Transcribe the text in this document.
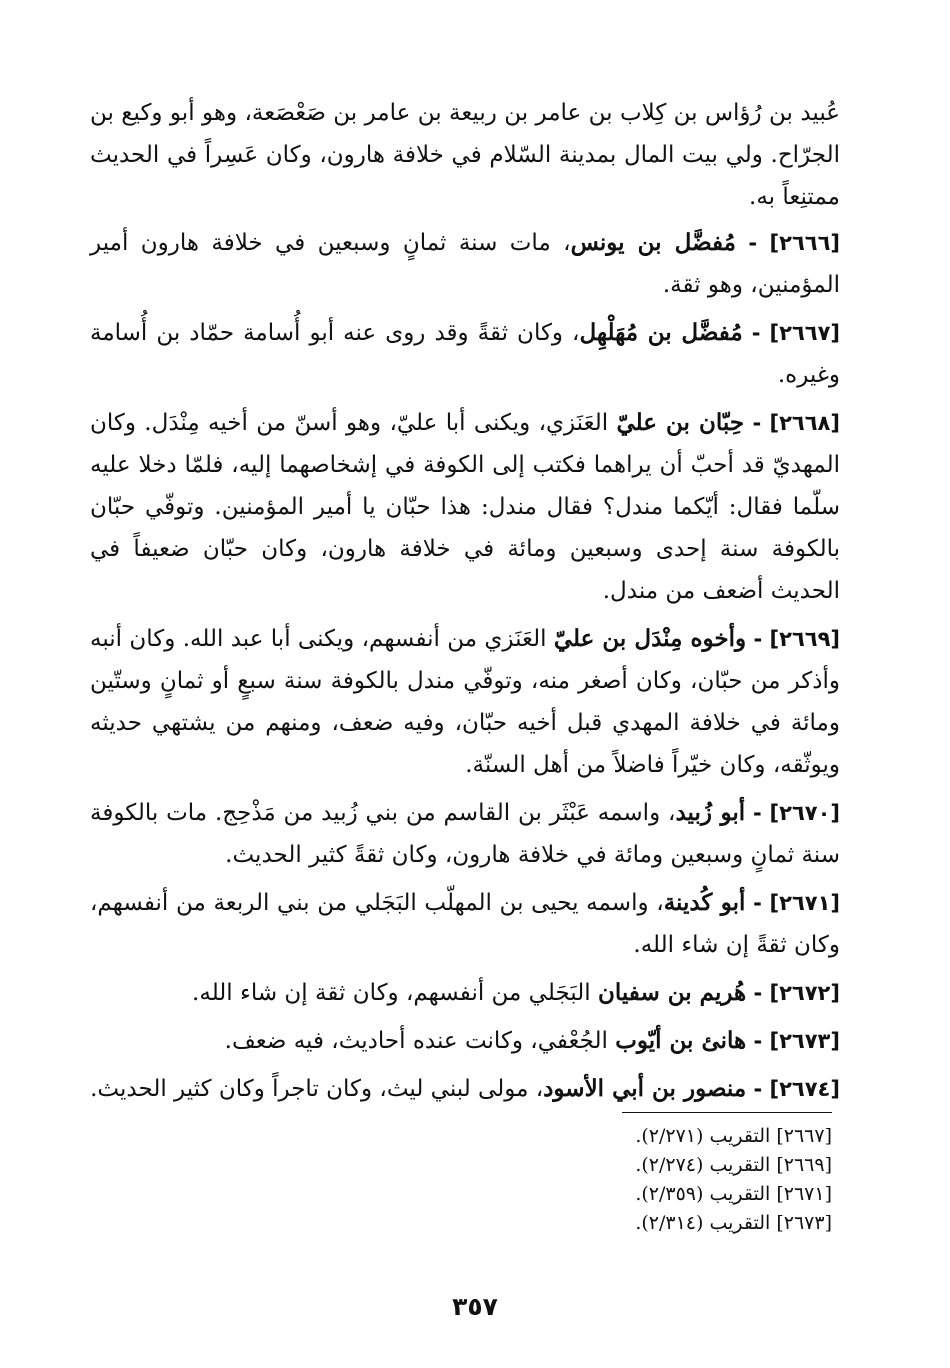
عُبيد بن رُؤاس بن كِلاب بن عامر بن ربيعة بن عامر بن صَعْصَعة، وهو أبو وكيع بن الجرّاح. ولي بيت المال بمدينة السّلام في خلافة هارون، وكان عَسِراً في الحديث ممتنِعاً به.

[٢٦٦٦] - مُفضَّل بن يونس، مات سنة ثمانٍ وسبعين في خلافة هارون أمير المؤمنين، وهو ثقة.

[٢٦٦٧] - مُفضَّل بن مُهَلْهِل، وكان ثقةً وقد روى عنه أبو أُسامة حمّاد بن أُسامة وغيره.

[٢٦٦٨] - حِبّان بن عليّ العَنَزي، ويكنى أبا عليّ، وهو أسنّ من أخيه مِنْدَل. وكان المهديّ قد أحبّ أن يراهما فكتب إلى الكوفة في إشخاصهما إليه، فلمّا دخلا عليه سلّما فقال: أيّكما مندل؟ فقال مندل: هذا حبّان يا أمير المؤمنين. وتوفّي حبّان بالكوفة سنة إحدى وسبعين ومائة في خلافة هارون، وكان حبّان ضعيفاً في الحديث أضعف من مندل.

[٢٦٦٩] - وأخوه مِنْدَل بن عليّ العَنَزي من أنفسهم، ويكنى أبا عبد الله. وكان أنبه وأذكر من حبّان، وكان أصغر منه، وتوفّي مندل بالكوفة سنة سبعٍ أو ثمانٍ وستّين ومائة في خلافة المهدي قبل أخيه حبّان، وفيه ضعف، ومنهم من يشتهي حديثه ويوثّقه، وكان خيّراً فاضلاً من أهل السنّة.

[٢٦٧٠] - أبو زُبيد، واسمه عَبْثَر بن القاسم من بني زُبيد من مَذْحِج. مات بالكوفة سنة ثمانٍ وسبعين ومائة في خلافة هارون، وكان ثقةً كثير الحديث.

[٢٦٧١] - أبو كُدينة، واسمه يحيى بن المهلّب البَجَلي من بني الربعة من أنفسهم، وكان ثقةً إن شاء الله.

[٢٦٧٢] - هُريم بن سفيان البَجَلي من أنفسهم، وكان ثقة إن شاء الله.

[٢٦٧٣] - هانئ بن أيّوب الجُعْفي، وكانت عنده أحاديث، فيه ضعف.

[٢٦٧٤] - منصور بن أبي الأسود، مولى لبني ليث، وكان تاجراً وكان كثير الحديث.

[٢٦٦٧] التقريب (٢/٢٧١).

[٢٦٦٩] التقريب (٢/٢٧٤).

[٢٦٧١] التقريب (٢/٣٥٩).

[٢٦٧٣] التقريب (٢/٣١٤).

٣٥٧
